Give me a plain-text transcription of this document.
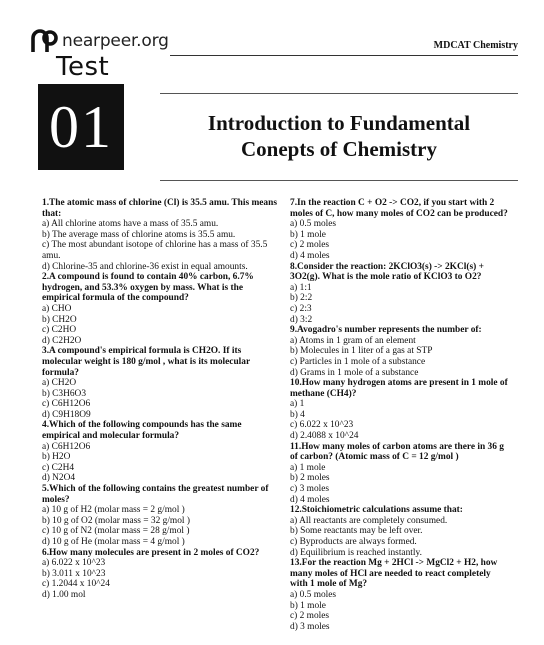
nearpeer.org
Test
MDCAT Chemistry
01	Introduction to Fundamental
Conepts of Chemistry
1.The atomic mass of chlorine (Cl) is 35.5 amu. This means that:
a) All chlorine atoms have a mass of 35.5 amu.
b) The average mass of chlorine atoms is 35.5 amu.
c) The most abundant isotope of chlorine has a mass of 35.5 amu.
d) Chlorine-35 and chlorine-36 exist in equal amounts.
2.A compound is found to contain 40% carbon, 6.7% hydrogen, and 53.3% oxygen by mass. What is the empirical formula of the compound?
a) CHO
b) CH2O
c) C2HO
d) C2H2O
3.A compound's empirical formula is CH2O. If its molecular weight is 180 g/mol , what is its molecular formula?
a) CH2O
b) C3H6O3
c) C6H12O6
d) C9H18O9
4.Which of the following compounds has the same empirical and molecular formula?
a) C6H12O6
b) H2O
c) C2H4
d) N2O4
5.Which of the following contains the greatest number of moles?
a) 10 g of H2 (molar mass = 2 g/mol )
b) 10 g of O2 (molar mass = 32 g/mol )
c) 10 g of N2 (molar mass = 28 g/mol )
d) 10 g of He (molar mass = 4 g/mol )
6.How many molecules are present in 2 moles of CO2?
a) 6.022 x 10^23
b) 3.011 x 10^23
c) 1.2044 x 10^24
d) 1.00 mol
7.In the reaction C + O2 -> CO2, if you start with 2 moles of C, how many moles of CO2 can be produced?
a) 0.5 moles
b) 1 mole
c) 2 moles
d) 4 moles
8.Consider the reaction: 2KClO3(s) -> 2KCl(s) + 3O2(g). What is the mole ratio of KClO3 to O2?
a) 1:1
b) 2:2
c) 2:3
d) 3:2
9.Avogadro's number represents the number of:
a) Atoms in 1 gram of an element
b) Molecules in 1 liter of a gas at STP
c) Particles in 1 mole of a substance
d) Grams in 1 mole of a substance
10.How many hydrogen atoms are present in 1 mole of methane (CH4)?
a) 1
b) 4
c) 6.022 x 10^23
d) 2.4088 x 10^24
11.How many moles of carbon atoms are there in 36 g of carbon? (Atomic mass of C = 12 g/mol )
a) 1 mole
b) 2 moles
c) 3 moles
d) 4 moles
12.Stoichiometric calculations assume that:
a) All reactants are completely consumed.
b) Some reactants may be left over.
c) Byproducts are always formed.
d) Equilibrium is reached instantly.
13.For the reaction Mg + 2HCl -> MgCl2 + H2, how many moles of HCl are needed to react completely with 1 mole of Mg?
a) 0.5 moles
b) 1 mole
c) 2 moles
d) 3 moles
